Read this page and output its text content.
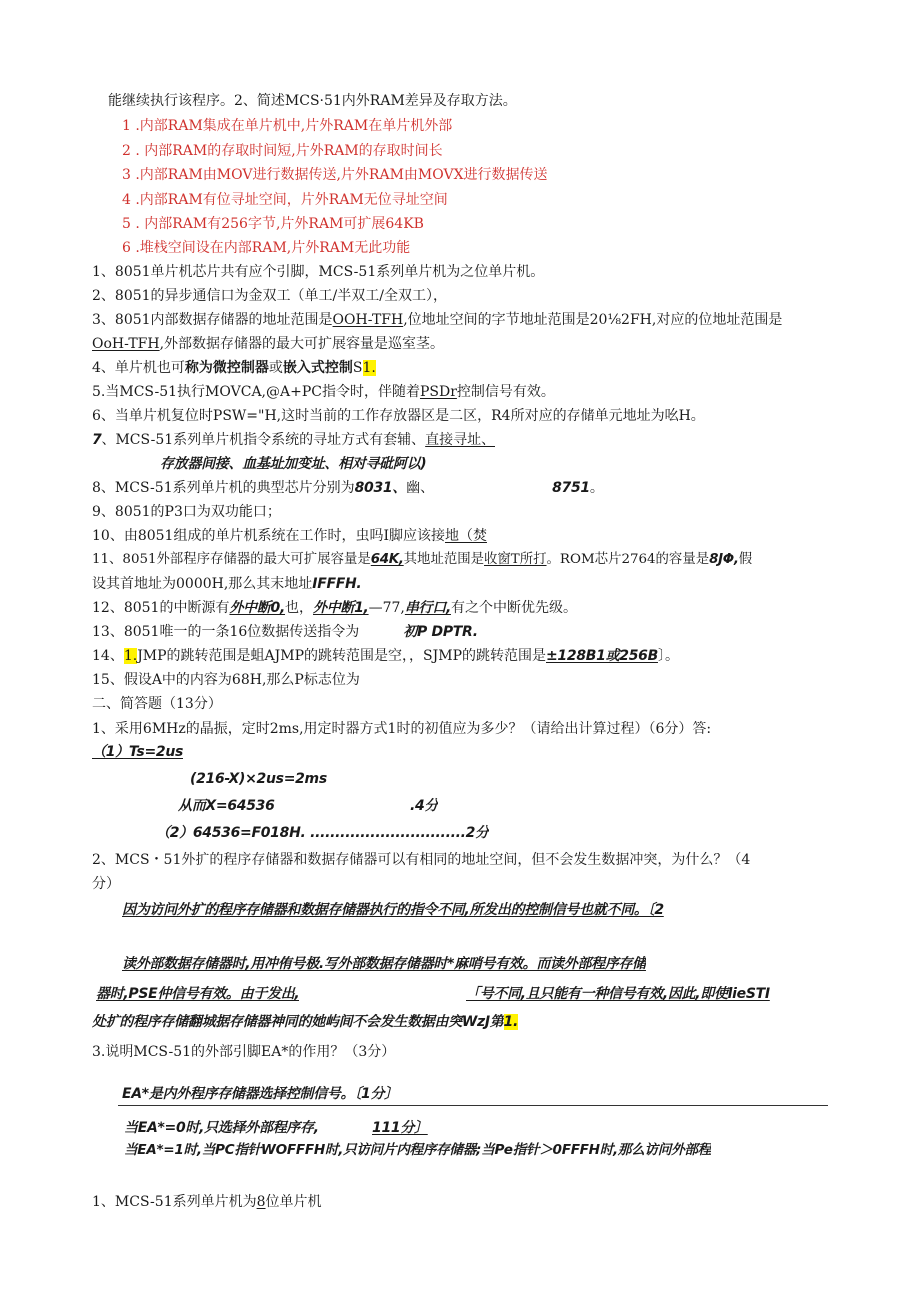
能继续执行该程序。2、简述MCS·51内外RAM差异及存取方法。
1 .内部RAM集成在单片机中,片外RAM在单片机外部
2 . 内部RAM的存取时间短,片外RAM的存取时间长
3 .内部RAM由MOV进行数据传送,片外RAM由MOVX进行数据传送
4 .内部RAM有位寻址空间，片外RAM无位寻址空间
5 . 内部RAM有256字节,片外RAM可扩展64KB
6 .堆栈空间设在内部RAM,片外RAM无此功能
1、8051单片机芯片共有应个引脚，MCS-51系列单片机为之位单片机。
2、8051的异步通信口为金双工（单工/半双工/全双工），
3、8051内部数据存储器的地址范围是OOH-TFH,位地址空间的字节地址范围是20⅛2FH,对应的位地址范围是
OoH-TFH,外部数据存储器的最大可扩展容量是巡室茎。
4、单片机也可称为微控制器或嵌入式控制S1.
5.当MCS-51执行MOVCA,@A+PC指令时，伴随着PSDr控制信号有效。
6、当单片机复位时PSW="H,这时当前的工作存放器区是二区，R4所对应的存储单元地址为吆H。
7、MCS-51系列单片机指令系统的寻址方式有套辅、直接寻址、
存放器间接、血基址加变址、相对寻砒阿以)
8、MCS-51系列单片机的典型芯片分别为8031、幽、	8751。
9、8051的P3口为双功能口；
10、由8051组成的单片机系统在工作时，虫吗I脚应该接地（焚
11、8051外部程序存储器的最大可扩展容量是64K,其地址范围是收窗T所打。ROM芯片2764的容量是8JΦ,假
设其首地址为0000H,那么其末地址IFFFH.
12、8051的中断源有外中断0,也，外中断1,—77,串行口,有之个中断优先级。
13、8051唯一的一条16位数据传送指令为	初P DPTR.
14、1.JMP的跳转范围是蛆AJMP的跳转范围是空，，SJMP的跳转范围是±128B1或256B〕。
15、假设A中的内容为68H,那么P标志位为
二、简答题（13分）
1、采用6MHz的晶振，定时2ms,用定时器方式1时的初值应为多少？（请给出计算过程）（6分）答:
（1）Ts=2us
(216-X)×2us=2ms
从而X=64536	.4分
（2）64536=F018H. ...............................2分
2、MCS・51外扩的程序存储器和数据存储器可以有相同的地址空间，但不会发生数据冲突，为什么？（4
分）
因为访问外扩的程序存储器和数据存储器执行的指令不同,所发出的控制信号也就不同。〔2
读外部数据存储器时,用冲侑号极.写外部数据存储器时*麻哨号有效。而读外部程序存储
器时,PSE仲信号有效。由于发出,	「号不同,且只能有一种信号有效,因此,即使lieSTI
处扩的程序存储翻城据存储器神同的她屿间不会发生数据由突WzJ第1.
3.说明MCS-51的外部引脚EA*的作用？（3分）
EA*是内外程序存储器选择控制信号。〔1分〕
当EA*=0时,只选择外部程序存,	111分〕
当EA*=1时,当PC指针WOFFFH时,只访问片内程序存储器;当Pe指针＞0FFFH时,那么访问外部程
1、MCS-51系列单片机为8位单片机
